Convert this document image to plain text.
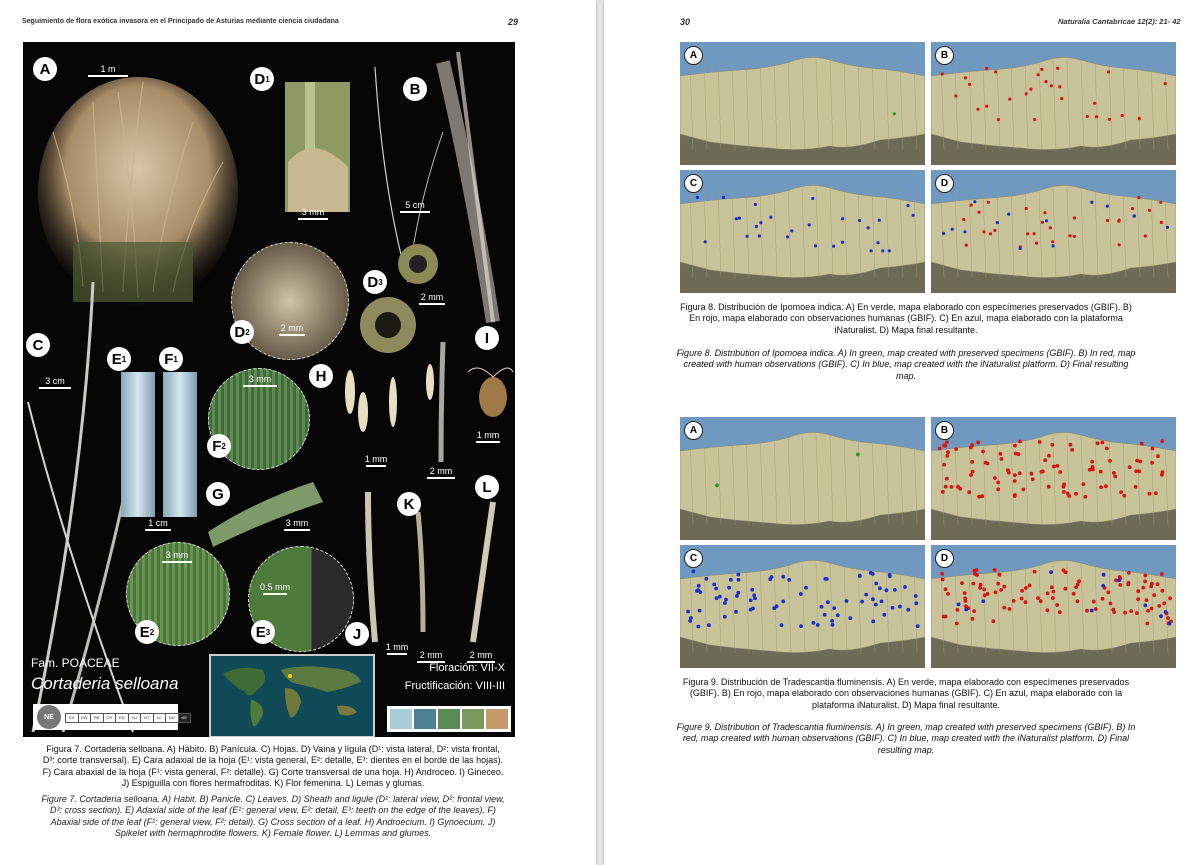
Seguimiento de flora exótica invasora en el Principado de Asturias mediante ciencia ciudadana	29
A
D 1
B
D 3
D 2
C
E 1	F 1
H
I
F 2
G	L
K
E 2	E 3	J
1 m
3 mm
5 cm
2 mm
2 mm
3 cm	3 mm
1 mm
1 mm
2 mm
1 cm	3 mm
3 mm
0.5 mm
1 mm
2 mm	2 mm
Fam. POACEAE
Cortaderia selloana
Floración: VII-X
Fructificación: VIII-III
NE	EX	EW	RE	CR	EN	VU	NT	LC	DD	NE
Figura 7. Cortaderia selloana. A) Hábito. B) Panícula. C) Hojas. D) Vaina y lígula (D¹: vista lateral, D²: vista frontal, D³: corte transversal). E) Cara adaxial de la hoja (E¹: vista general, E²: detalle, E³: dientes en el borde de las hojas). F) Cara abaxial de la hoja (F¹: vista general, F²: detalle). G) Corte transversal de una hoja. H) Androceo. I) Gineceo. J) Espiguilla con flores hermafroditas. K) Flor femenina. L) Lemas y glumas.
Figure 7. Cortaderia selloana. A) Habit. B) Panicle. C) Leaves. D) Sheath and ligule (D¹: lateral view, D²: frontal view, D³: cross section). E) Adaxial side of the leaf (E¹: general view, E²: detail, E³: teeth on the edge of the leaves). F) Abaxial side of the leaf (F¹: general view, F²: detail). G) Cross section of a leaf. H) Androecium. I) Gynoecium. J) Spikelet with hermaphrodite flowers. K) Female flower. L) Lemmas and glumes.
30	Naturalia Cantabricae 12(2): 21- 42
A	B
C	D
A	B
C	D
Figura 8. Distribución de Ipomoea indica. A) En verde, mapa elaborado con especímenes preservados (GBIF). B) En rojo, mapa elaborado con observaciones humanas (GBIF). C) En azul, mapa elaborado con la plataforma iNaturalist. D) Mapa final resultante.
Figure 8. Distribution of Ipomoea indica. A) In green, map created with preserved specimens (GBIF). B) In red, map created with human observations (GBIF). C) In blue, map created with the iNaturalist platform. D) Final resulting map.
Figura 9. Distribución de Tradescantia fluminensis. A) En verde, mapa elaborado con especímenes preservados (GBIF). B) En rojo, mapa elaborado con observaciones humanas (GBIF). C) En azul, mapa elaborado con la plataforma iNaturalist. D) Mapa final resultante.
Figure 9. Distribution of Tradescantia fluminensis. A) In green, map created with preserved specimens (GBIF). B) In red, map created with human observations (GBIF). C) In blue, map created with the iNaturalist platform. D) Final resulting map.
